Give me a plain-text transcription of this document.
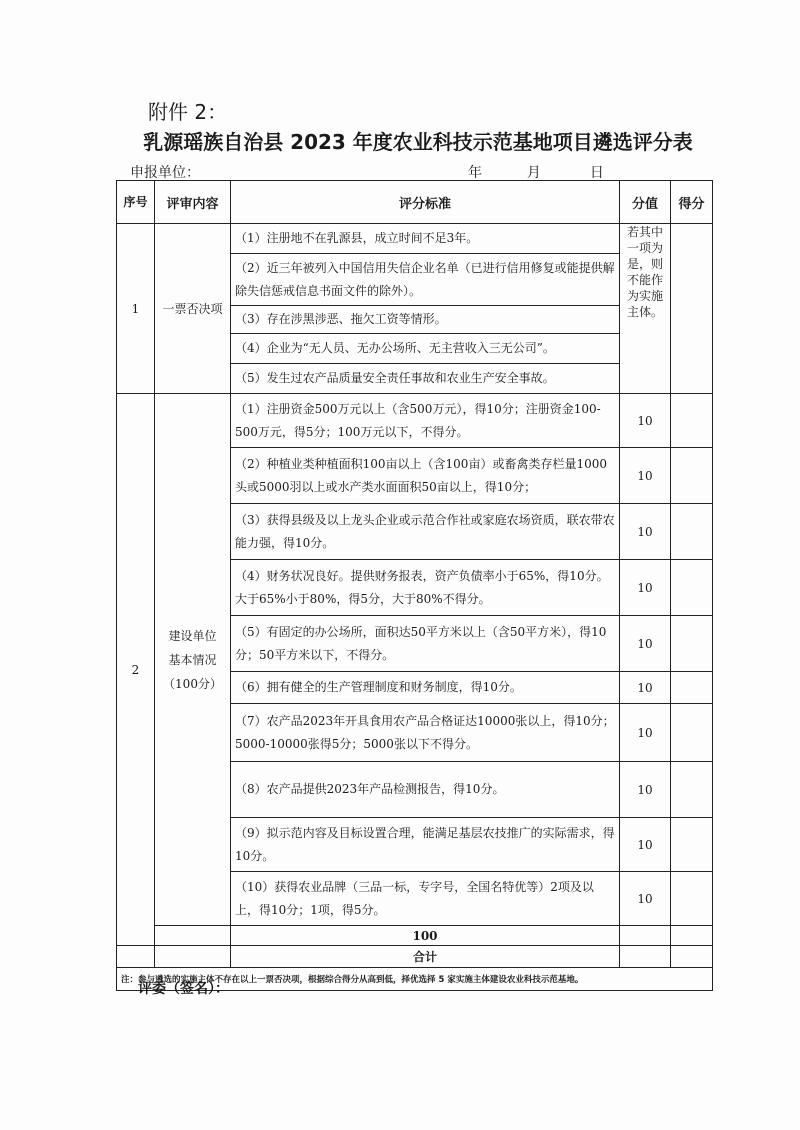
附件 2：
乳源瑶族自治县 2023 年度农业科技示范基地项目遴选评分表
申报单位：	年	月	日
序号	评审内容	评分标准	分值	得分
1	一票否决项	（1）注册地不在乳源县，成立时间不足3年。	若其中一项为是，则不能作为实施主体。	
		（2）近三年被列入中国信用失信企业名单（已进行信用修复或能提供解除失信惩戒信息书面文件的除外）。		
		（3）存在涉黑涉恶、拖欠工资等情形。		
		（4）企业为“无人员、无办公场所、无主营收入三无公司”。		
		（5）发生过农产品质量安全责任事故和农业生产安全事故。		
2	建设单位
基本情况
（100分）	（1）注册资金500万元以上（含500万元），得10分；注册资金100-500万元，得5分；100万元以下，不得分。	10	
		（2）种植业类种植面积100亩以上（含100亩）或畜禽类存栏量1000头或5000羽以上或水产类水面面积50亩以上，得10分；	10	
		（3）获得县级及以上龙头企业或示范合作社或家庭农场资质，联农带农能力强，得10分。	10	
		（4）财务状况良好。提供财务报表，资产负债率小于65%，得10分。大于65%小于80%，得5分，大于80%不得分。	10	
		（5）有固定的办公场所，面积达50平方米以上（含50平方米），得10分；50平方米以下，不得分。	10	
		（6）拥有健全的生产管理制度和财务制度，得10分。	10	
		（7）农产品2023年开具食用农产品合格证达10000张以上，得10分；5000-10000张得5分；5000张以下不得分。	10	
		（8）农产品提供2023年产品检测报告，得10分。	10	
		（9）拟示范内容及目标设置合理，能满足基层农技推广的实际需求，得10分。	10	
		（10）获得农业品牌（三品一标，专字号，全国名特优等）2项及以上，得10分；1项，得5分。	10	
		100		
		合计		
注：参与遴选的实施主体不存在以上一票否决项，根据综合得分从高到低，择优选择 5 家实施主体建设农业科技示范基地。				
评委（签名）：
